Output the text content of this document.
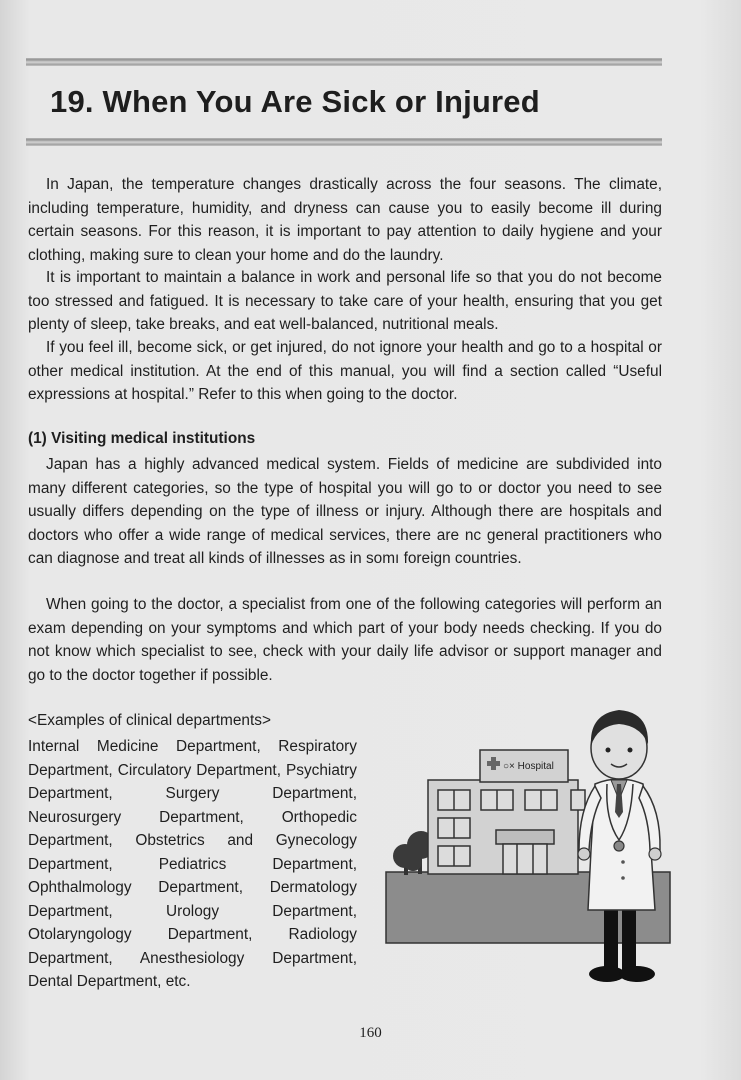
19. When You Are Sick or Injured

In Japan, the temperature changes drastically across the four seasons. The climate, including temperature, humidity, and dryness can cause you to easily become ill during certain seasons. For this reason, it is important to pay attention to daily hygiene and your clothing, making sure to clean your home and do the laundry.

It is important to maintain a balance in work and personal life so that you do not become too stressed and fatigued. It is necessary to take care of your health, ensuring that you get plenty of sleep, take breaks, and eat well-balanced, nutritional meals.

If you feel ill, become sick, or get injured, do not ignore your health and go to a hospital or other medical institution. At the end of this manual, you will find a section called “Useful expressions at hospital.” Refer to this when going to the doctor.

(1) Visiting medical institutions

Japan has a highly advanced medical system. Fields of medicine are subdivided into many different categories, so the type of hospital you will go to or doctor you need to see usually differs depending on the type of illness or injury. Although there are hospitals and doctors who offer a wide range of medical services, there are nc general practitioners who can diagnose and treat all kinds of illnesses as in somı foreign countries.

When going to the doctor, a specialist from one of the following categories will perform an exam depending on your symptoms and which part of your body needs checking. If you do not know which specialist to see, check with your daily life advisor or support manager and go to the doctor together if possible.

<Examples of clinical departments>

Internal Medicine Department, Respiratory Department, Circulatory Department, Psychiatry Department, Surgery Department, Neurosurgery Department, Orthopedic Department, Obstetrics and Gynecology Department, Pediatrics Department, Ophthalmology Department, Dermatology Department, Urology Department, Otolaryngology Department, Radiology Department, Anesthesiology Department, Dental Department, etc.

○× Hospital
160
